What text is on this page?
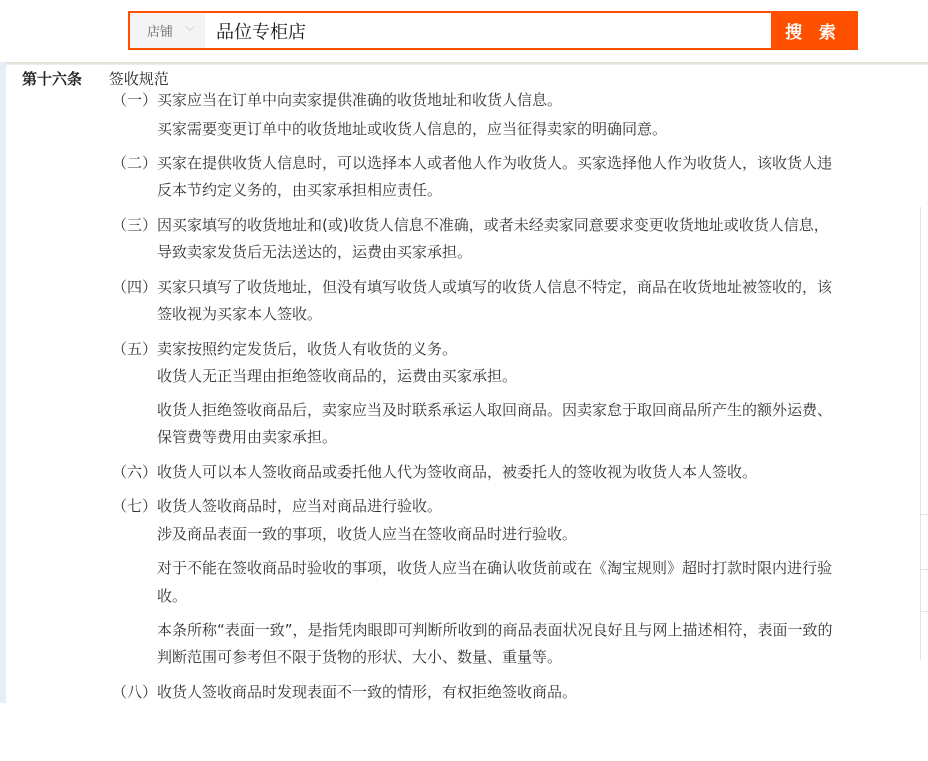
店铺 ﹀
品位专柜店	搜 索
第十六条 签收规范
（一）买家应当在订单中向卖家提供准确的收货地址和收货人信息。
买家需要变更订单中的收货地址或收货人信息的，应当征得卖家的明确同意。
（二）买家在提供收货人信息时，可以选择本人或者他人作为收货人。买家选择他人作为收货人，该收货人违
反本节约定义务的，由买家承担相应责任。
（三）因买家填写的收货地址和(或)收货人信息不准确，或者未经卖家同意要求变更收货地址或收货人信息，
导致卖家发货后无法送达的，运费由买家承担。
（四）买家只填写了收货地址，但没有填写收货人或填写的收货人信息不特定，商品在收货地址被签收的，该
签收视为买家本人签收。
（五）卖家按照约定发货后，收货人有收货的义务。
收货人无正当理由拒绝签收商品的，运费由买家承担。
收货人拒绝签收商品后，卖家应当及时联系承运人取回商品。因卖家怠于取回商品所产生的额外运费、
保管费等费用由卖家承担。
（六）收货人可以本人签收商品或委托他人代为签收商品，被委托人的签收视为收货人本人签收。
（七）收货人签收商品时，应当对商品进行验收。
涉及商品表面一致的事项，收货人应当在签收商品时进行验收。
对于不能在签收商品时验收的事项，收货人应当在确认收货前或在《淘宝规则》超时打款时限内进行验
收。
本条所称“表面一致”，是指凭肉眼即可判断所收到的商品表面状况良好且与网上描述相符，表面一致的
判断范围可参考但不限于货物的形状、大小、数量、重量等。
（八）收货人签收商品时发现表面不一致的情形，有权拒绝签收商品。
